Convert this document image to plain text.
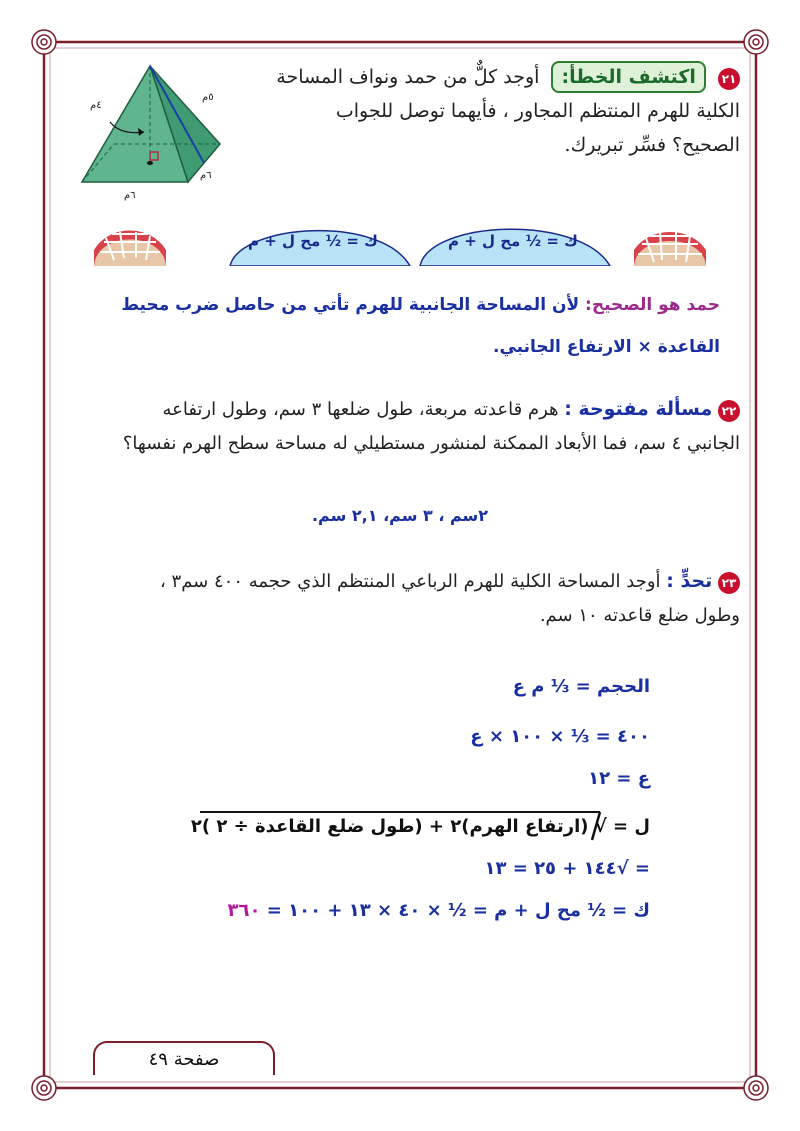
٤م
٥م
٦م
٦م
٢١ اكتشف الخطأ: أوجد كلٌّ من حمد ونواف المساحة
الكلية للهرم المنتظم المجاور ، فأيهما توصل للجواب
الصحيح؟ فسِّر تبريرك.
ك = ½ مح ل + م	ك = ½ مح ل + م
حمد هو الصحيح: لأن المساحة الجانبية للهرم تأتي من حاصل ضرب محيط
القاعدة × الارتفاع الجانبي.
٢٢ مسألة مفتوحة : هرم قاعدته مربعة، طول ضلعها ٣ سم، وطول ارتفاعه
الجانبي ٤ سم، فما الأبعاد الممكنة لمنشور مستطيلي له مساحة سطح الهرم نفسها؟
٢سم ، ٣ سم، ٢,١ سم.
٢٣ تحدٍّ : أوجد المساحة الكلية للهرم الرباعي المنتظم الذي حجمه ٤٠٠ سم٣ ،
وطول ضلع قاعدته ١٠ سم.
الحجم = ⅓ م ع
٤٠٠ = ⅓ × ١٠٠ × ع
ع = ١٢
ل = √ (ارتفاع الهرم)٢ + (طول ضلع القاعدة ÷ ٢ )٢
= √١٤٤ + ٢٥ = ١٣
ك = ½ مح ل + م = ½ × ٤٠ × ١٣ + ١٠٠ = ٣٦٠
صفحة ٤٩
